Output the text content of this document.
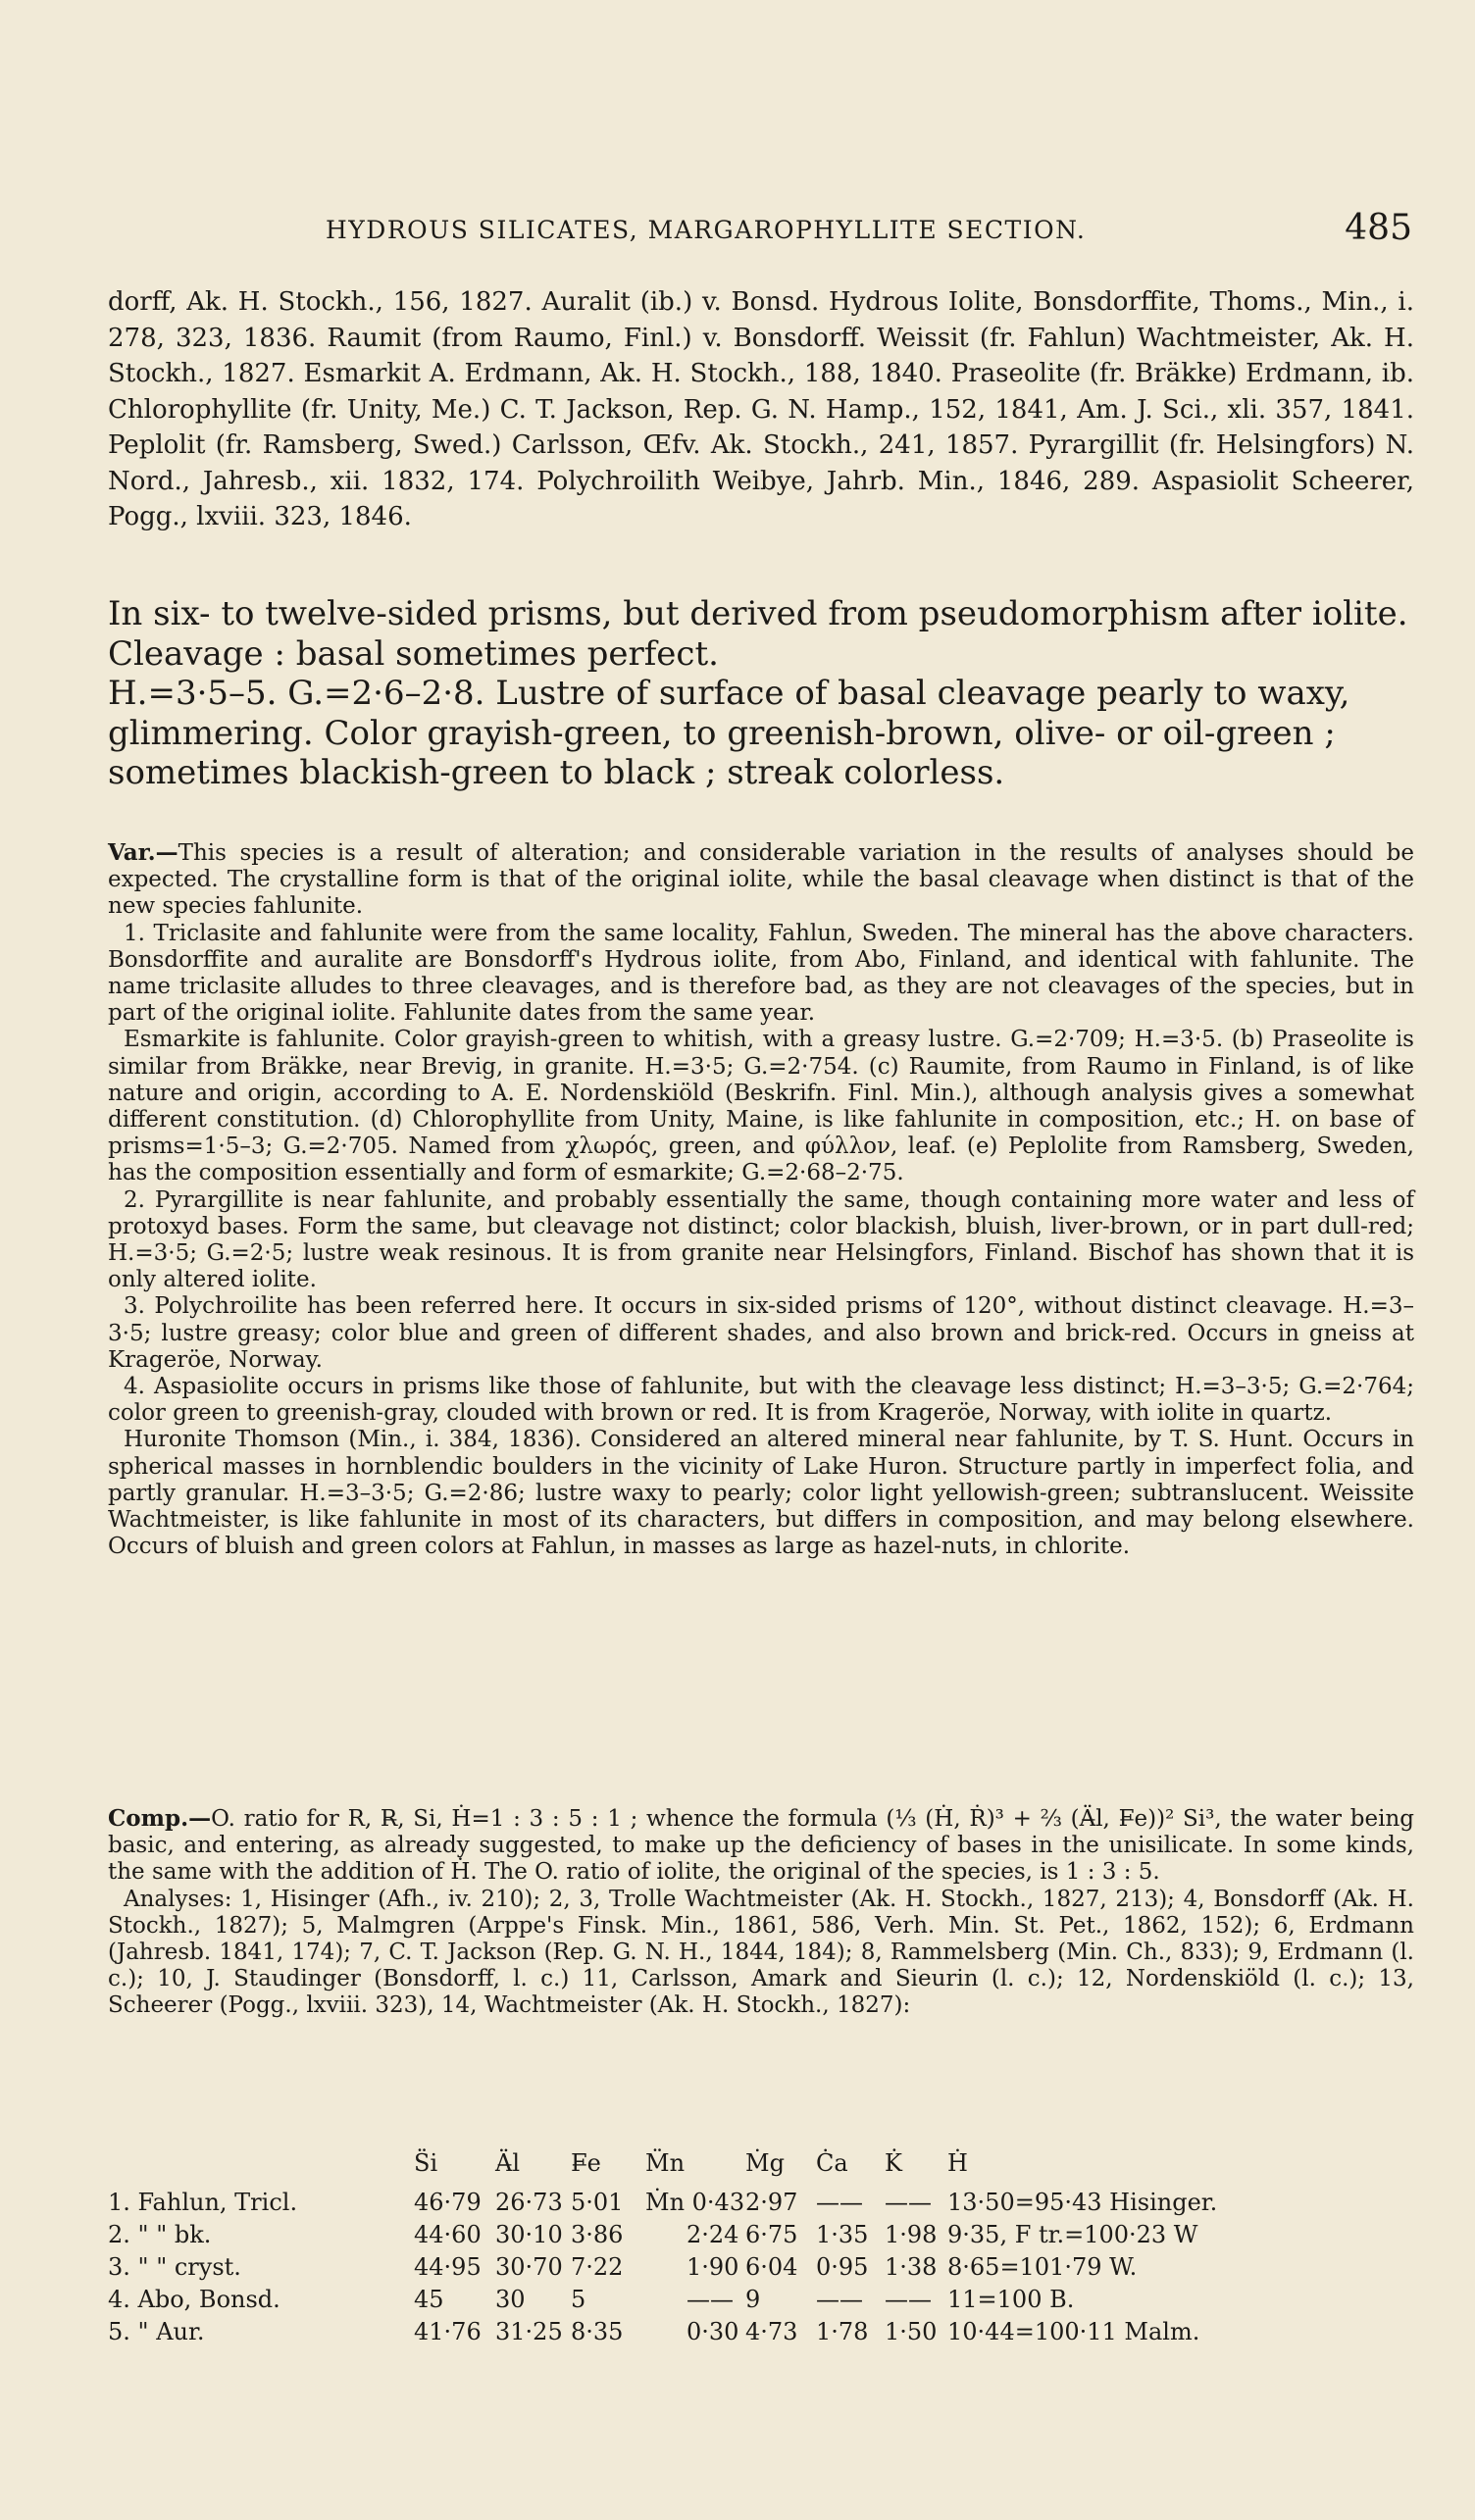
HYDROUS SILICATES, MARGAROPHYLLITE SECTION.	485
dorff, Ak. H. Stockh., 156, 1827. Auralit (ib.) v. Bonsd. Hydrous Iolite, Bonsdorffite, Thoms., Min., i. 278, 323, 1836. Raumit (from Raumo, Finl.) v. Bonsdorff. Weissit (fr. Fahlun) Wachtmeister, Ak. H. Stockh., 1827. Esmarkit A. Erdmann, Ak. H. Stockh., 188, 1840. Praseolite (fr. Bräkke) Erdmann, ib. Chlorophyllite (fr. Unity, Me.) C. T. Jackson, Rep. G. N. Hamp., 152, 1841, Am. J. Sci., xli. 357, 1841. Peplolit (fr. Ramsberg, Swed.) Carlsson, Œfv. Ak. Stockh., 241, 1857. Pyrargillit (fr. Helsingfors) N. Nord., Jahresb., xii. 1832, 174. Polychroilith Weibye, Jahrb. Min., 1846, 289. Aspasiolit Scheerer, Pogg., lxviii. 323, 1846.
In six- to twelve-sided prisms, but derived from pseudomorphism after iolite. Cleavage : basal sometimes perfect.
H.=3·5–5. G.=2·6–2·8. Lustre of surface of basal cleavage pearly to waxy, glimmering. Color grayish-green, to greenish-brown, olive- or oil-green ; sometimes blackish-green to black ; streak colorless.

Var.—This species is a result of alteration; and considerable variation in the results of analyses should be expected. The crystalline form is that of the original iolite, while the basal cleavage when distinct is that of the new species fahlunite.

1. Triclasite and fahlunite were from the same locality, Fahlun, Sweden. The mineral has the above characters. Bonsdorffite and auralite are Bonsdorff's Hydrous iolite, from Abo, Finland, and identical with fahlunite. The name triclasite alludes to three cleavages, and is therefore bad, as they are not cleavages of the species, but in part of the original iolite. Fahlunite dates from the same year.

Esmarkite is fahlunite. Color grayish-green to whitish, with a greasy lustre. G.=2·709; H.=3·5. (b) Praseolite is similar from Bräkke, near Brevig, in granite. H.=3·5; G.=2·754. (c) Raumite, from Raumo in Finland, is of like nature and origin, according to A. E. Nordenskiöld (Beskrifn. Finl. Min.), although analysis gives a somewhat different constitution. (d) Chlorophyllite from Unity, Maine, is like fahlunite in composition, etc.; H. on base of prisms=1·5–3; G.=2·705. Named from χλωρός, green, and φύλλον, leaf. (e) Peplolite from Ramsberg, Sweden, has the composition essentially and form of esmarkite; G.=2·68–2·75.

2. Pyrargillite is near fahlunite, and probably essentially the same, though containing more water and less of protoxyd bases. Form the same, but cleavage not distinct; color blackish, bluish, liver-brown, or in part dull-red; H.=3·5; G.=2·5; lustre weak resinous. It is from granite near Helsingfors, Finland. Bischof has shown that it is only altered iolite.

3. Polychroilite has been referred here. It occurs in six-sided prisms of 120°, without distinct cleavage. H.=3–3·5; lustre greasy; color blue and green of different shades, and also brown and brick-red. Occurs in gneiss at Krageröe, Norway.

4. Aspasiolite occurs in prisms like those of fahlunite, but with the cleavage less distinct; H.=3–3·5; G.=2·764; color green to greenish-gray, clouded with brown or red. It is from Krageröe, Norway, with iolite in quartz.

Huronite Thomson (Min., i. 384, 1836). Considered an altered mineral near fahlunite, by T. S. Hunt. Occurs in spherical masses in hornblendic boulders in the vicinity of Lake Huron. Structure partly in imperfect folia, and partly granular. H.=3–3·5; G.=2·86; lustre waxy to pearly; color light yellowish-green; subtranslucent. Weissite Wachtmeister, is like fahlunite in most of its characters, but differs in composition, and may belong elsewhere. Occurs of bluish and green colors at Fahlun, in masses as large as hazel-nuts, in chlorite.

Comp.—O. ratio for R, R̶, Si, Ḣ=1 : 3 : 5 : 1 ; whence the formula (⅓ (Ḣ, Ṙ)³ + ⅔ (Ä̶l, F̶e))² Si³, the water being basic, and entering, as already suggested, to make up the deficiency of bases in the unisilicate. In some kinds, the same with the addition of Ḣ. The O. ratio of iolite, the original of the species, is 1 : 3 : 5.

Analyses: 1, Hisinger (Afh., iv. 210); 2, 3, Trolle Wachtmeister (Ak. H. Stockh., 1827, 213); 4, Bonsdorff (Ak. H. Stockh., 1827); 5, Malmgren (Arppe's Finsk. Min., 1861, 586, Verh. Min. St. Pet., 1862, 152); 6, Erdmann (Jahresb. 1841, 174); 7, C. T. Jackson (Rep. G. N. H., 1844, 184); 8, Rammelsberg (Min. Ch., 833); 9, Erdmann (l. c.); 10, J. Staudinger (Bonsdorff, l. c.) 11, Carlsson, Amark and Sieurin (l. c.); 12, Nordenskiöld (l. c.); 13, Scheerer (Pogg., lxviii. 323), 14, Wachtmeister (Ak. H. Stockh., 1827):

S̈i Ä̶l F̶e M̈n	Ṁg Ċa K̇ Ḣ
1. Fahlun, Tricl.	46·79 26·73 5·01 Ṁn 0·43 2·97 —— —— 13·50=95·43 Hisinger.
2. " " bk.	44·60 30·10 3·86	2·24 6·75 1·35 1·98 9·35, F tr.=100·23 W
3. " " cryst.	44·95 30·70 7·22	1·90 6·04 0·95 1·38 8·65=101·79 W.
4. Abo, Bonsd.	45 30 5	—— 9 —— —— 11=100 B.
5. " Aur.	41·76 31·25 8·35	0·30 4·73 1·78 1·50 10·44=100·11 Malm.
